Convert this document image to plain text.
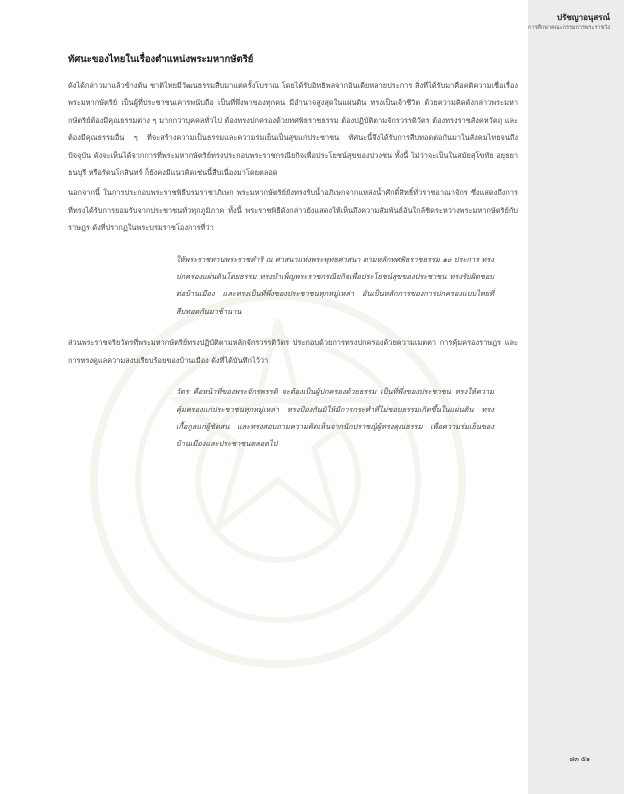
ปรัชญาอนุสรณ์
การศึกษาคณะกรรมการพระราชวัง
๘๓ ๕๑
ทัศนะของไทยในเรื่องตำแหน่งพระมหากษัตริย์

ดังได้กล่าวมาแล้วข้างต้น ชาติไทยมีวัฒนธรรมสืบมาแต่ครั้งโบราณ โดยได้รับอิทธิพลจากอินเดียหลายประการ สิ่งที่ได้รับมาคือคติความเชื่อเรื่องพระมหากษัตริย์ เป็นผู้ที่ประชาชนเคารพนับถือ เป็นที่พึ่งพาของทุกคน มีอำนาจสูงสุดในแผ่นดิน ทรงเป็นเจ้าชีวิต ด้วยความคิดดังกล่าวพระมหากษัตริย์ต้องมีคุณธรรมต่าง ๆ มากกว่าบุคคลทั่วไป ต้องทรงปกครองด้วยทศพิธราชธรรม ต้องปฏิบัติตามจักรวรรดิวัตร ต้องทรงราชสังคหวัตถุ และต้องมีคุณธรรมอื่น ๆ ที่จะสร้างความเป็นธรรมและความร่มเย็นเป็นสุขแก่ประชาชน ทัศนะนี้จึงได้รับการสืบทอดต่อกันมาในสังคมไทยจนถึงปัจจุบัน ดังจะเห็นได้จากการที่พระมหากษัตริย์ทรงประกอบพระราชกรณียกิจเพื่อประโยชน์สุขของปวงชน ทั้งนี้ ไม่ว่าจะเป็นในสมัยสุโขทัย อยุธยา ธนบุรี หรือรัตนโกสินทร์ ก็ยังคงมีแนวคิดเช่นนี้สืบเนื่องมาโดยตลอด

นอกจากนี้ ในการประกอบพระราชพิธีบรมราชาภิเษก พระมหากษัตริย์ยังทรงรับน้ำอภิเษกจากแหล่งน้ำศักดิ์สิทธิ์ทั่วราชอาณาจักร ซึ่งแสดงถึงการที่ทรงได้รับการยอมรับจากประชาชนทั่วทุกภูมิภาค ทั้งนี้ พระราชพิธีดังกล่าวยังแสดงให้เห็นถึงความสัมพันธ์อันใกล้ชิดระหว่างพระมหากษัตริย์กับราษฎร ดังที่ปรากฏในพระบรมราชโองการที่ว่า

ให้พระราชทานพระราชดำริ ณ ศาสนาแห่งพระพุทธศาสนา ตามหลักทศพิธราชธรรม ๑๐ ประการ ทรงปกครองแผ่นดินโดยธรรม ทรงบำเพ็ญพระราชกรณียกิจเพื่อประโยชน์สุขของประชาชน ทรงรับผิดชอบต่อบ้านเมือง และทรงเป็นที่พึ่งของประชาชนทุกหมู่เหล่า อันเป็นหลักการของการปกครองแบบไทยที่สืบทอดกันมาช้านาน

ส่วนพระราชจริยวัตรที่พระมหากษัตริย์ทรงปฏิบัติตามหลักจักรวรรดิวัตร ประกอบด้วยการทรงปกครองด้วยความเมตตา การคุ้มครองราษฎร และการทรงดูแลความสงบเรียบร้อยของบ้านเมือง ดังที่ได้บันทึกไว้ว่า

วัตร คือหน้าที่ของพระจักรพรรดิ จะต้องเป็นผู้ปกครองด้วยธรรม เป็นที่พึ่งของประชาชน ทรงให้ความคุ้มครองแก่ประชาชนทุกหมู่เหล่า ทรงป้องกันมิให้มีการกระทำที่ไม่ชอบธรรมเกิดขึ้นในแผ่นดิน ทรงเกื้อกูลแก่ผู้ขัดสน และทรงสอบถามความคิดเห็นจากนักปราชญ์ผู้ทรงคุณธรรม เพื่อความร่มเย็นของบ้านเมืองและประชาชนตลอดไป
